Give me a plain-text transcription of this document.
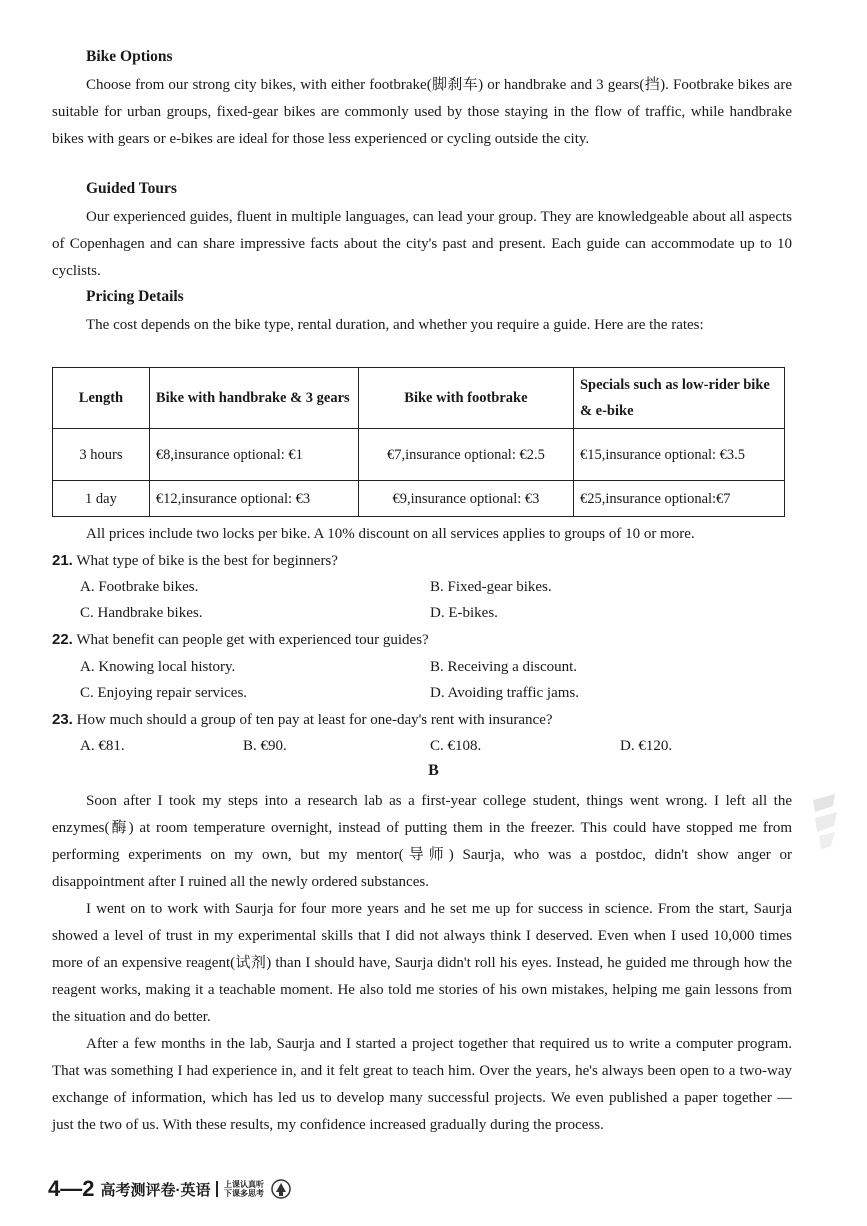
Bike Options

Choose from our strong city bikes, with either footbrake(脚刹车) or handbrake and 3 gears(挡). Footbrake bikes are suitable for urban groups, fixed-gear bikes are commonly used by those staying in the flow of traffic, while handbrake bikes with gears or e-bikes are ideal for those less experienced or cycling outside the city.

Guided Tours

Our experienced guides, fluent in multiple languages, can lead your group. They are knowledgeable about all aspects of Copenhagen and can share impressive facts about the city's past and present. Each guide can accommodate up to 10 cyclists.

Pricing Details

The cost depends on the bike type, rental duration, and whether you require a guide. Here are the rates:

Length	Bike with handbrake & 3 gears	Bike with footbrake	Specials such as low-rider bike & e-bike
3 hours	€8,insurance optional: €1	€7,insurance optional: €2.5	€15,insurance optional: €3.5
1 day	€12,insurance optional: €3	€9,insurance optional: €3	€25,insurance optional:€7

All prices include two locks per bike. A 10% discount on all services applies to groups of 10 or more.

21. What type of bike is the best for beginners?

A. Footbrake bikes.	B. Fixed-gear bikes.

C. Handbrake bikes.	D. E-bikes.

22. What benefit can people get with experienced tour guides?

A. Knowing local history.	B. Receiving a discount.

C. Enjoying repair services.	D. Avoiding traffic jams.

23. How much should a group of ten pay at least for one-day's rent with insurance?

A. €81.	B. €90.	C. €108.	D. €120.

B

Soon after I took my steps into a research lab as a first-year college student, things went wrong. I left all the enzymes(酶) at room temperature overnight, instead of putting them in the freezer. This could have stopped me from performing experiments on my own, but my mentor(导师) Saurja, who was a postdoc, didn't show anger or disappointment after I ruined all the newly ordered substances.

I went on to work with Saurja for four more years and he set me up for success in science. From the start, Saurja showed a level of trust in my experimental skills that I did not always think I deserved. Even when I used 10,000 times more of an expensive reagent(试剂) than I should have, Saurja didn't roll his eyes. Instead, he guided me through how the reagent works, making it a teachable moment. He also told me stories of his own mistakes, helping me gain lessons from the situation and do better.

After a few months in the lab, Saurja and I started a project together that required us to write a computer program. That was something I had experience in, and it felt great to teach him. Over the years, he's always been open to a two-way exchange of information, which has led us to develop many successful projects. We even published a paper together — just the two of us. With these results, my confidence increased gradually during the process.

4—2 高考测评卷·英语 上课认真听
下课多思考
